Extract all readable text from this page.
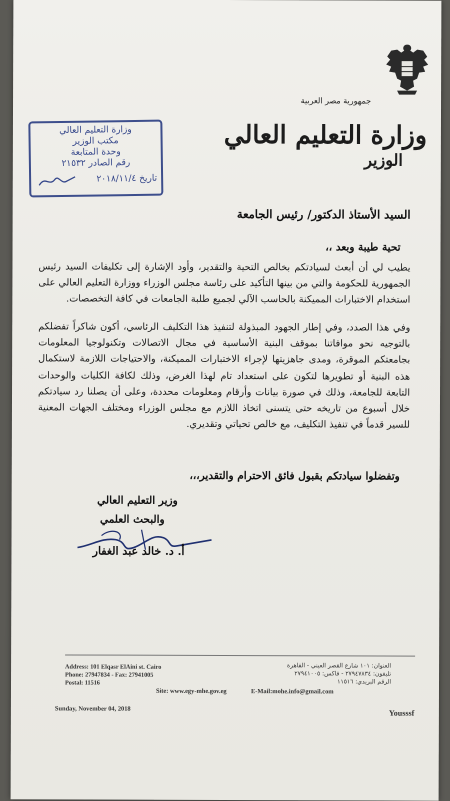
جمهورية مصر العربية
وزارة التعليم العالي
الوزير
وزارة التعليم العالي
مكتب الوزير
وحدة المتابعة
رقم الصادر ٢١٥٣٢
تاريخ ٢٠١٨/١١/٤
السيد الأستاذ الدكتور/ رئيس الجامعة
تحية طيبة وبعد ،،
يطيب لي أن أبعث لسيادتكم بخالص التحية والتقدير، وأود الإشارة إلى تكليفات السيد رئيس الجمهورية للحكومة والتي من بينها التأكيد على رئاسة مجلس الوزراء ووزارة التعليم العالي على استخدام الاختبارات المميكنة بالحاسب الآلي لجميع طلبة الجامعات في كافة التخصصات.
وفي هذا الصدد، وفي إطار الجهود المبذولة لتنفيذ هذا التكليف الرئاسي، أكون شاكراً تفضلكم بالتوجيه نحو موافاتنا بموقف البنية الأساسية في مجال الاتصالات وتكنولوجيا المعلومات بجامعتكم الموقرة، ومدى جاهزيتها لإجراء الاختبارات المميكنة، والاحتياجات اللازمة لاستكمال هذه البنية أو تطويرها لتكون على استعداد تام لهذا الغرض، وذلك لكافة الكليات والوحدات التابعة للجامعة، وذلك في صورة بيانات وأرقام ومعلومات محددة، وعلى أن يصلنا رد سيادتكم خلال أسبوع من تاريخه حتى يتسنى اتخاذ اللازم مع مجلس الوزراء ومختلف الجهات المعنية للسير قدماً في تنفيذ التكليف، مع خالص تحياتي وتقديري.
وتفضلوا سيادتكم بقبول فائق الاحترام والتقدير،،،
وزير التعليم العالي
والبحث العلمي
أ. د. خالد عبد الغفار
Address: 101 Elqasr ElAini st. Cairo
Phone: 27947834 - Fax: 27941005
Postal: 11516
العنوان: ١٠١ شارع القصر العيني - القاهرة
تليفون: ٢٧٩٤٧٨٣٤ - فاكس: ٢٧٩٤١٠٠٥
الرقم البريدي: ١١٥١٦
Site: www.egy-mhe.gov.eg	E-Mail:mohe.info@gmail.com
Sunday, November 04, 2018	Yousssf
